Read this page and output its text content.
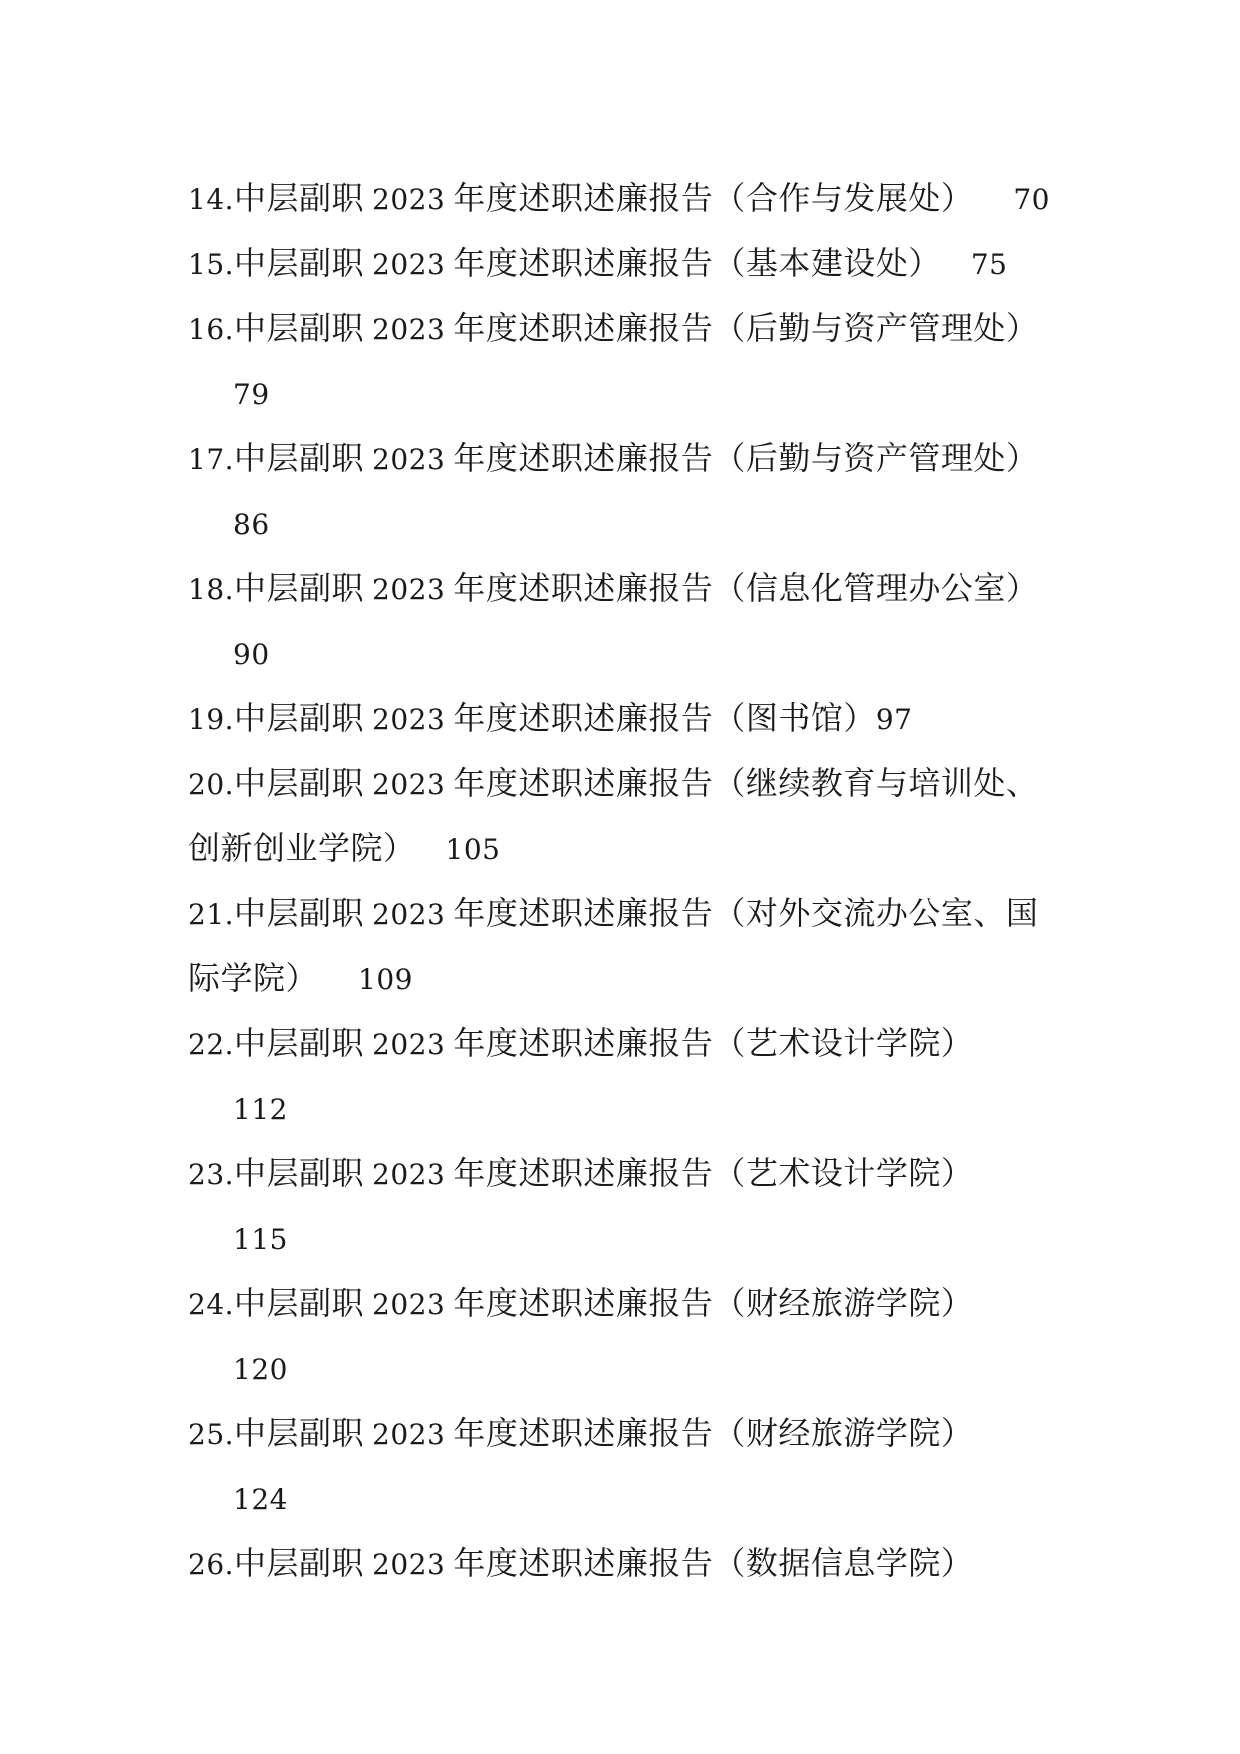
14.中层副职 2023 年度述职述廉报告（合作与发展处） 70
15.中层副职 2023 年度述职述廉报告（基本建设处） 75
16.中层副职 2023 年度述职述廉报告（后勤与资产管理处）
79
17.中层副职 2023 年度述职述廉报告（后勤与资产管理处）
86
18.中层副职 2023 年度述职述廉报告（信息化管理办公室）
90
19.中层副职 2023 年度述职述廉报告（图书馆）97
20.中层副职 2023 年度述职述廉报告（继续教育与培训处、
创新创业学院） 105
21.中层副职 2023 年度述职述廉报告（对外交流办公室、国
际学院） 109
22.中层副职 2023 年度述职述廉报告（艺术设计学院）
112
23.中层副职 2023 年度述职述廉报告（艺术设计学院）
115
24.中层副职 2023 年度述职述廉报告（财经旅游学院）
120
25.中层副职 2023 年度述职述廉报告（财经旅游学院）
124
26.中层副职 2023 年度述职述廉报告（数据信息学院）
